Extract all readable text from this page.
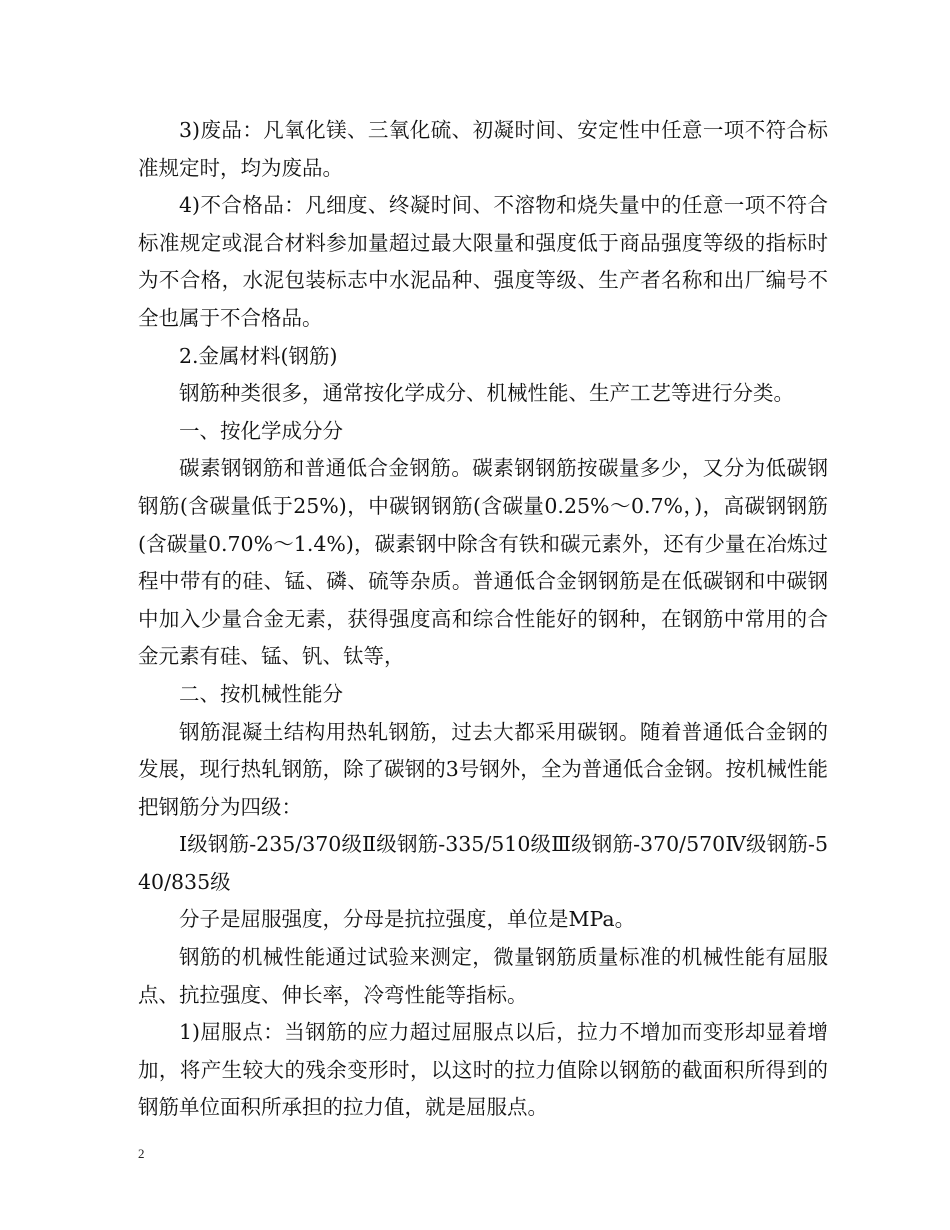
3)废品：凡氧化镁、三氧化硫、初凝时间、安定性中任意一项不符合标准规定时，均为废品。

4)不合格品：凡细度、终凝时间、不溶物和烧失量中的任意一项不符合标准规定或混合材料参加量超过最大限量和强度低于商品强度等级的指标时为不合格，水泥包装标志中水泥品种、强度等级、生产者名称和出厂编号不全也属于不合格品。

2.金属材料(钢筋)

钢筋种类很多，通常按化学成分、机械性能、生产工艺等进行分类。

一、按化学成分分

碳素钢钢筋和普通低合金钢筋。碳素钢钢筋按碳量多少，又分为低碳钢钢筋(含碳量低于25%)，中碳钢钢筋(含碳量0.25%～0.7%，)，高碳钢钢筋(含碳量0.70%～1.4%)，碳素钢中除含有铁和碳元素外，还有少量在冶炼过程中带有的硅、锰、磷、硫等杂质。普通低合金钢钢筋是在低碳钢和中碳钢中加入少量合金无素，获得强度高和综合性能好的钢种，在钢筋中常用的合金元素有硅、锰、钒、钛等，

二、按机械性能分

钢筋混凝土结构用热轧钢筋，过去大都采用碳钢。随着普通低合金钢的发展，现行热轧钢筋，除了碳钢的3号钢外，全为普通低合金钢。按机械性能把钢筋分为四级：

Ⅰ级钢筋-235/370级Ⅱ级钢筋-335/510级Ⅲ级钢筋-370/570Ⅳ级钢筋-540/835级

分子是屈服强度，分母是抗拉强度，单位是MPa。

钢筋的机械性能通过试验来测定，微量钢筋质量标准的机械性能有屈服点、抗拉强度、伸长率，冷弯性能等指标。

1)屈服点：当钢筋的应力超过屈服点以后，拉力不增加而变形却显着增加，将产生较大的残余变形时，以这时的拉力值除以钢筋的截面积所得到的钢筋单位面积所承担的拉力值，就是屈服点。

2
